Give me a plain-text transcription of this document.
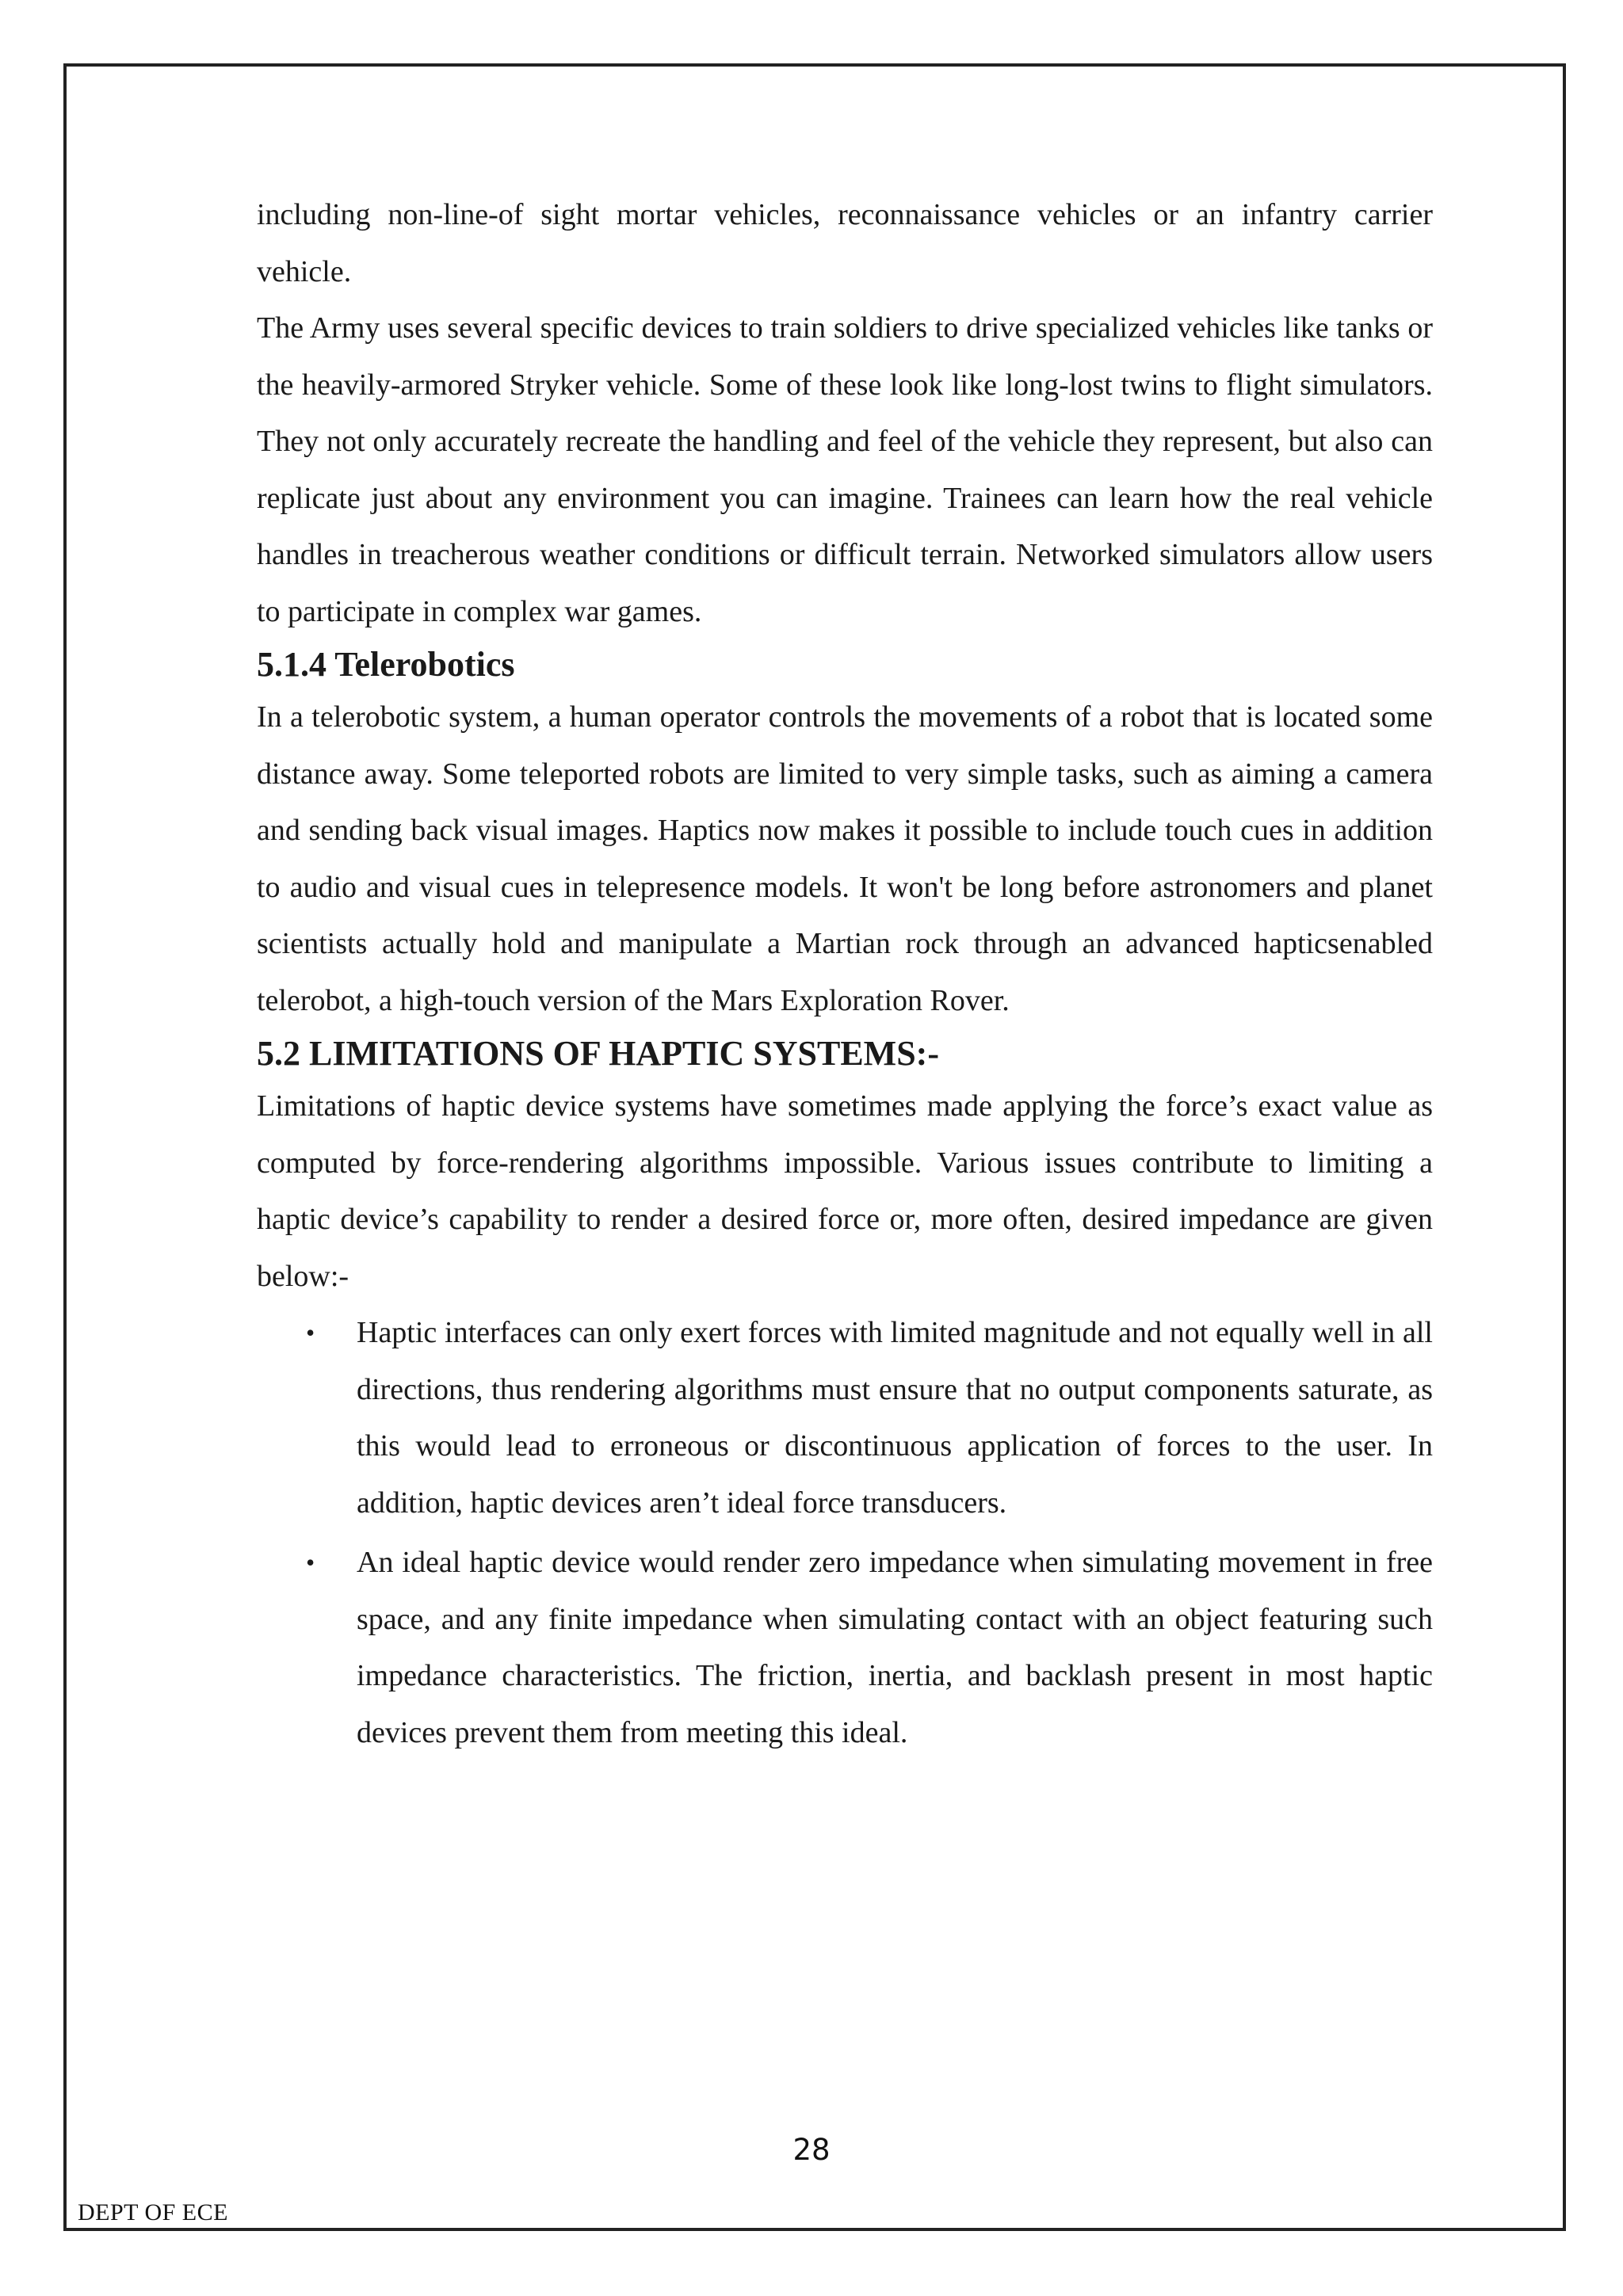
including non-line-of sight mortar vehicles, reconnaissance vehicles or an infantry carrier vehicle.

The Army uses several specific devices to train soldiers to drive specialized vehicles like tanks or the heavily-armored Stryker vehicle. Some of these look like long-lost twins to flight simulators. They not only accurately recreate the handling and feel of the vehicle they represent, but also can replicate just about any environment you can imagine. Trainees can learn how the real vehicle handles in treacherous weather conditions or difficult terrain. Networked simulators allow users to participate in complex war games.

5.1.4 Telerobotics

In a telerobotic system, a human operator controls the movements of a robot that is located some distance away. Some teleported robots are limited to very simple tasks, such as aiming a camera and sending back visual images. Haptics now makes it possible to include touch cues in addition to audio and visual cues in telepresence models. It won't be long before astronomers and planet scientists actually hold and manipulate a Martian rock through an advanced hapticsenabled telerobot, a high-touch version of the Mars Exploration Rover.

5.2 LIMITATIONS OF HAPTIC SYSTEMS:-

Limitations of haptic device systems have sometimes made applying the force’s exact value as computed by force-rendering algorithms impossible. Various issues contribute to limiting a haptic device’s capability to render a desired force or, more often, desired impedance are given below:-

• Haptic interfaces can only exert forces with limited magnitude and not equally well in all directions, thus rendering algorithms must ensure that no output components saturate, as this would lead to erroneous or discontinuous application of forces to the user. In addition, haptic devices aren’t ideal force transducers.
• An ideal haptic device would render zero impedance when simulating movement in free space, and any finite impedance when simulating contact with an object featuring such impedance characteristics. The friction, inertia, and backlash present in most haptic devices prevent them from meeting this ideal.
28
DEPT OF ECE
